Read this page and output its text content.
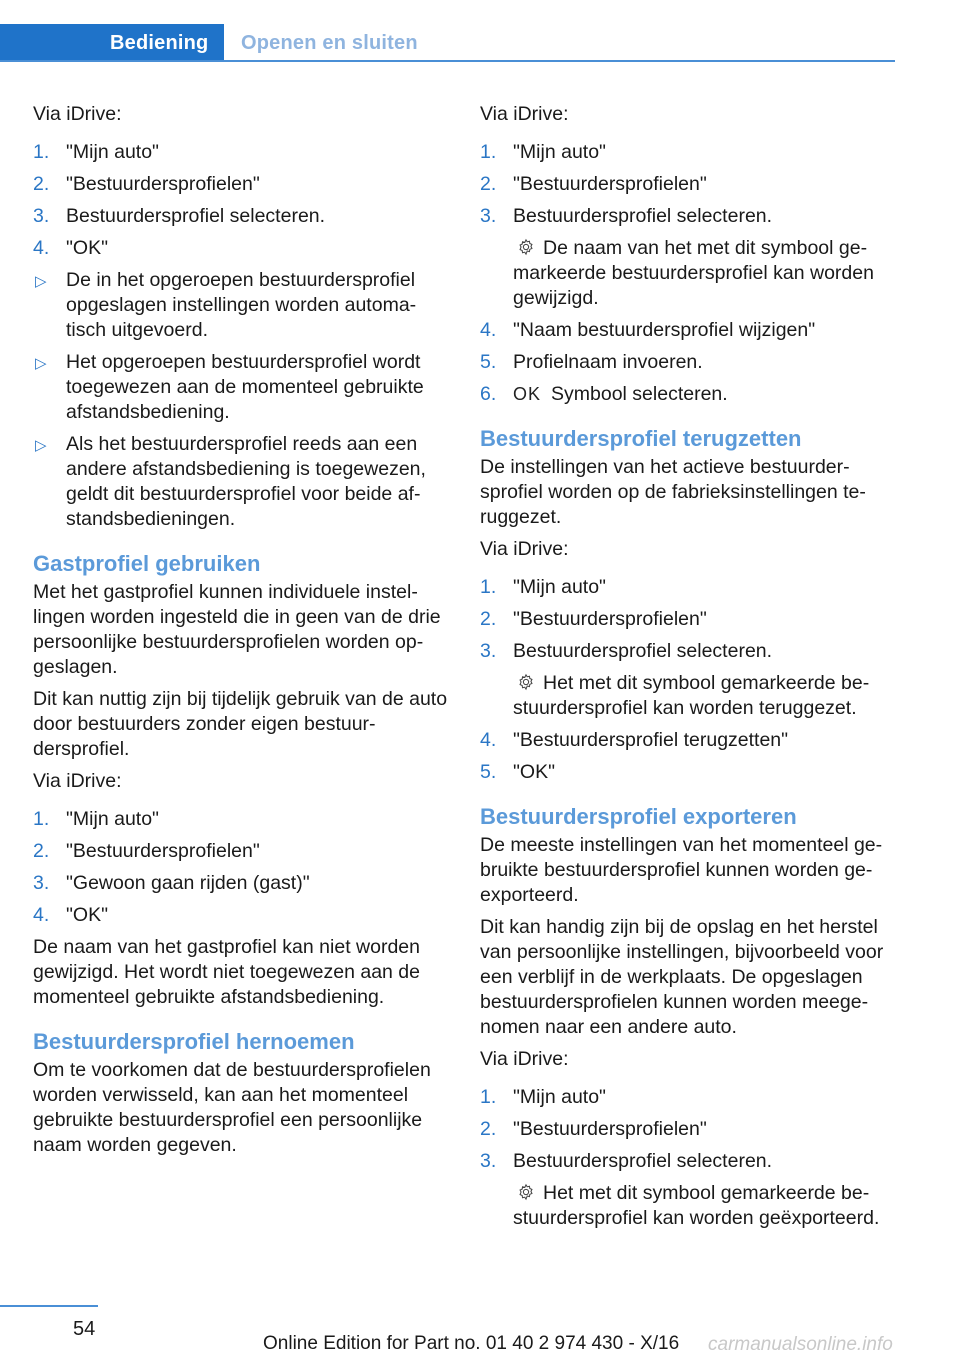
Bediening	Openen en sluiten

Via iDrive:

1. "Mijn auto"
2. "Bestuurdersprofielen"
3. Bestuurdersprofiel selecteren.
4. "OK"
▷ De in het opgeroepen bestuurdersprofiel opgeslagen instellingen worden automa-tisch uitgevoerd.
▷ Het opgeroepen bestuurdersprofiel wordt toegewezen aan de momenteel gebruikte afstandsbediening.
▷ Als het bestuurdersprofiel reeds aan een andere afstandsbediening is toegewezen, geldt dit bestuurdersprofiel voor beide af-standsbedieningen.
Gastprofiel gebruiken

Met het gastprofiel kunnen individuele instel-lingen worden ingesteld die in geen van de drie persoonlijke bestuurdersprofielen worden op-geslagen.

Dit kan nuttig zijn bij tijdelijk gebruik van de auto door bestuurders zonder eigen bestuur-dersprofiel.

Via iDrive:

1. "Mijn auto"
2. "Bestuurdersprofielen"
3. "Gewoon gaan rijden (gast)"
4. "OK"

De naam van het gastprofiel kan niet worden gewijzigd. Het wordt niet toegewezen aan de momenteel gebruikte afstandsbediening.

Bestuurdersprofiel hernoemen

Om te voorkomen dat de bestuurdersprofielen worden verwisseld, kan aan het momenteel gebruikte bestuurdersprofiel een persoonlijke naam worden gegeven.

Via iDrive:

1. "Mijn auto"
2. "Bestuurdersprofielen"
3. Bestuurdersprofiel selecteren.

De naam van het met dit symbool ge-markeerde bestuurdersprofiel kan worden gewijzigd.

4. "Naam bestuurdersprofiel wijzigen"
5. Profielnaam invoeren.
6. OK Symbool selecteren.
Bestuurdersprofiel terugzetten

De instellingen van het actieve bestuurder-sprofiel worden op de fabrieksinstellingen te-ruggezet.

Via iDrive:

1. "Mijn auto"
2. "Bestuurdersprofielen"
3. Bestuurdersprofiel selecteren.

Het met dit symbool gemarkeerde be-stuurdersprofiel kan worden teruggezet.

4. "Bestuurdersprofiel terugzetten"
5. "OK"
Bestuurdersprofiel exporteren

De meeste instellingen van het momenteel ge-bruikte bestuurdersprofiel kunnen worden ge-exporteerd.

Dit kan handig zijn bij de opslag en het herstel van persoonlijke instellingen, bijvoorbeeld voor een verblijf in de werkplaats. De opgeslagen bestuurdersprofielen kunnen worden meege-nomen naar een andere auto.

Via iDrive:

1. "Mijn auto"
2. "Bestuurdersprofielen"
3. Bestuurdersprofiel selecteren.

Het met dit symbool gemarkeerde be-stuurdersprofiel kan worden geëxporteerd.

54
Online Edition for Part no. 01 40 2 974 430 - X/16 carmanualsonline.info
